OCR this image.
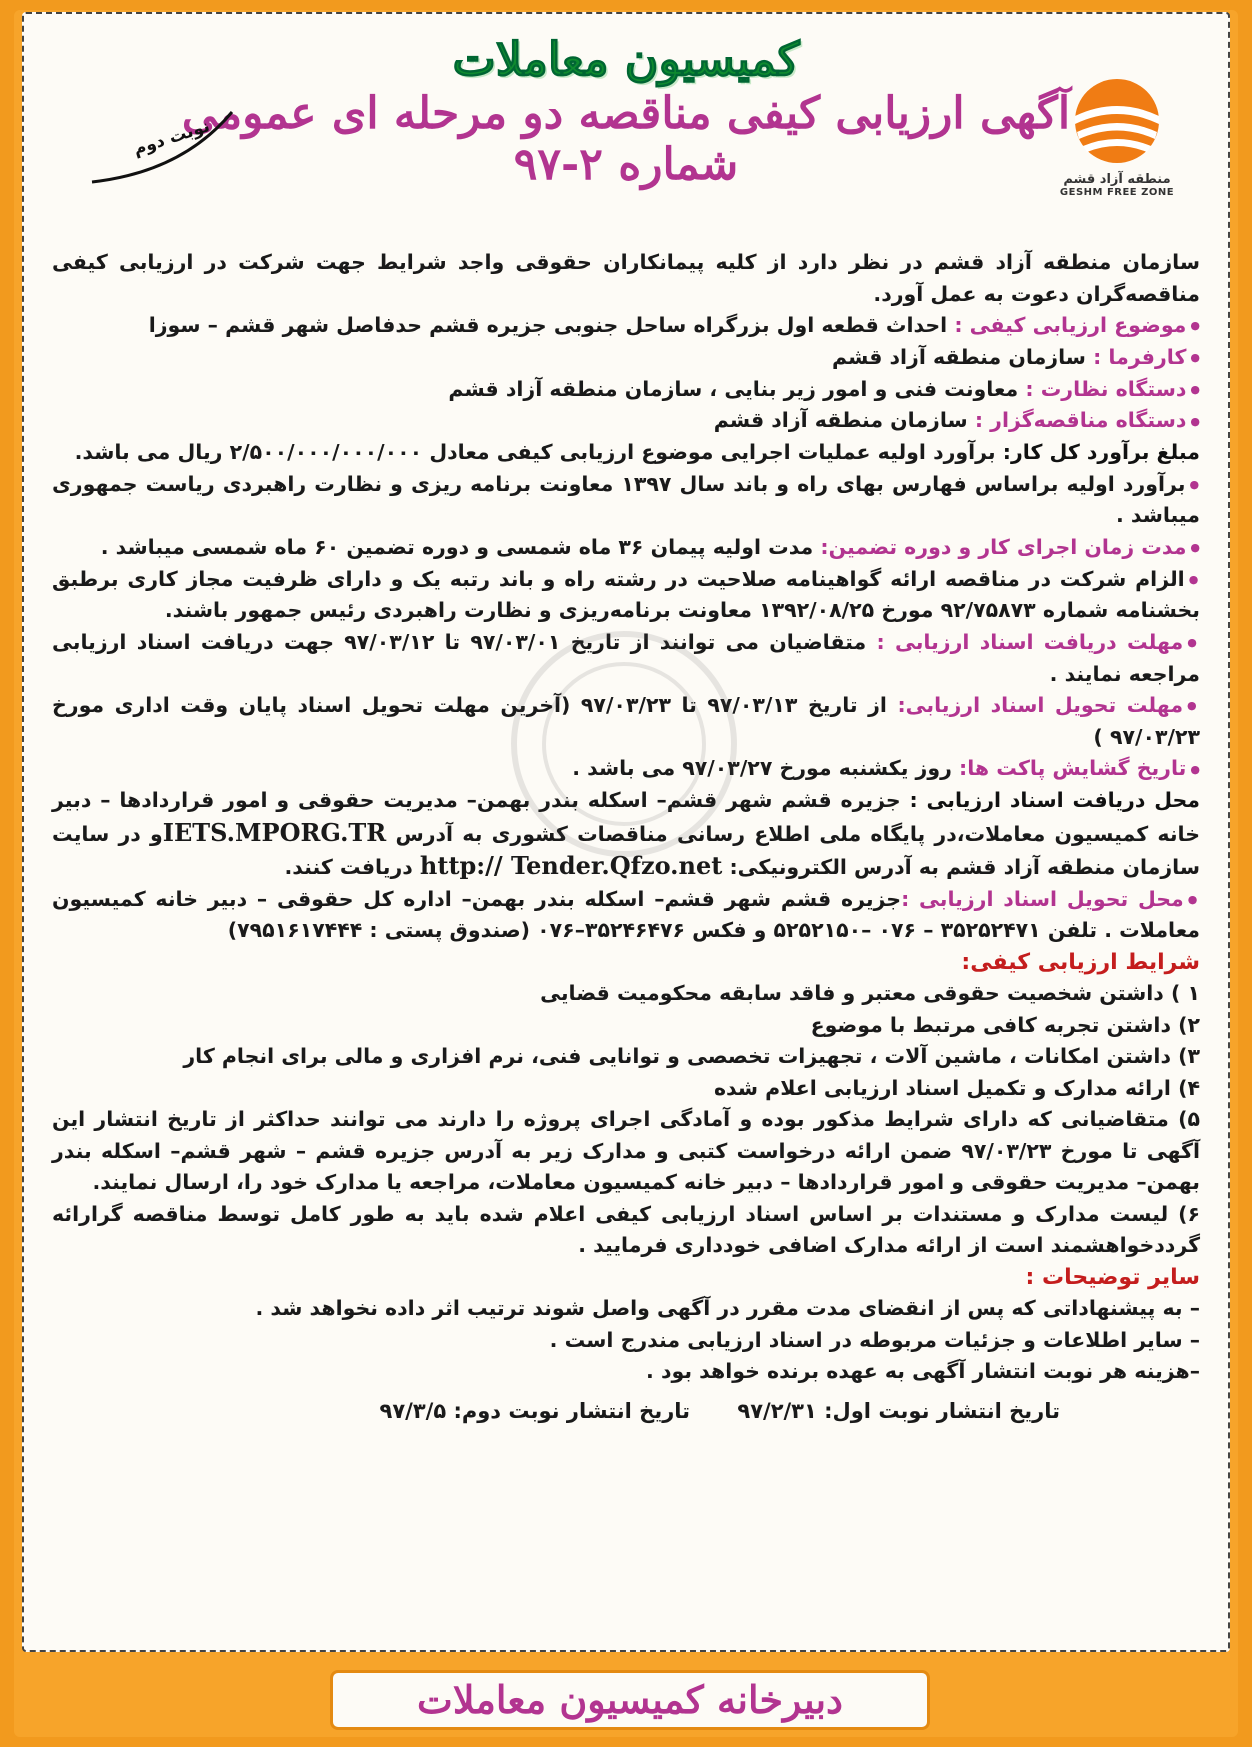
منطقه آزاد قشم
GESHM FREE ZONE
نوبت دوم
کمیسیون معاملات
آگهی ارزیابی کیفی مناقصه دو مرحله ای عمومی
شماره ۲-۹۷

سازمان منطقه آزاد قشم در نظر دارد از کلیه پیمانکاران حقوقی واجد شرایط جهت شرکت در ارزیابی کیفی مناقصه‌گران دعوت به عمل آورد.

● موضوع ارزیابی کیفی : احداث قطعه اول بزرگراه ساحل جنوبی جزیره قشم حدفاصل شهر قشم – سوزا

● کارفرما : سازمان منطقه آزاد قشم

● دستگاه نظارت : معاونت فنی و امور زیر بنایی ، سازمان منطقه آزاد قشم

● دستگاه مناقصه‌گزار : سازمان منطقه آزاد قشم

مبلغ برآورد کل کار: برآورد اولیه عملیات اجرایی موضوع ارزیابی کیفی معادل ۲/۵۰۰/۰۰۰/۰۰۰/۰۰۰ ریال می باشد.

● برآورد اولیه براساس فهارس بهای راه و باند سال ۱۳۹۷ معاونت برنامه ریزی و نظارت راهبردی ریاست جمهوری میباشد .

● مدت زمان اجرای کار و دوره تضمین: مدت اولیه پیمان ۳۶ ماه شمسی و دوره تضمین ۶۰ ماه شمسی میباشد .

● الزام شرکت در مناقصه ارائه گواهینامه صلاحیت در رشته راه و باند رتبه یک و دارای ظرفیت مجاز کاری برطبق بخشنامه شماره ۹۲/۷۵۸۷۳ مورخ ۱۳۹۲/۰۸/۲۵ معاونت برنامه‌ریزی و نظارت راهبردی رئیس جمهور باشند.

● مهلت دریافت اسناد ارزیابی : متقاضیان می توانند از تاریخ ۹۷/۰۳/۰۱ تا ۹۷/۰۳/۱۲ جهت دریافت اسناد ارزیابی مراجعه نمایند .

● مهلت تحویل اسناد ارزیابی: از تاریخ ۹۷/۰۳/۱۳ تا ۹۷/۰۳/۲۳ (آخرین مهلت تحویل اسناد پایان وقت اداری مورخ ۹۷/۰۳/۲۳ )

● تاریخ گشایش پاکت ها: روز یکشنبه مورخ ۹۷/۰۳/۲۷ می باشد .

محل دریافت اسناد ارزیابی : جزیره قشم شهر قشم– اسکله بندر بهمن– مدیریت حقوقی و امور قراردادها – دبیر خانه کمیسیون معاملات،در پایگاه ملی اطلاع رسانی مناقصات کشوری به آدرس IETS.MPORG.TRو در سایت سازمان منطقه آزاد قشم به آدرس الکترونیکی: http:// Tender.Qfzo.net دریافت کنند.

● محل تحویل اسناد ارزیابی :جزیره قشم شهر قشم– اسکله بندر بهمن– اداره کل حقوقی – دبیر خانه کمیسیون معاملات . تلفن ۳۵۲۵۲۴۷۱ – ۰۷۶ –۵۲۵۲۱۵۰ و فکس ۳۵۲۴۶۴۷۶–۰۷۶ (صندوق پستی : ۷۹۵۱۶۱۷۴۴۴)

شرایط ارزیابی کیفی:

۱ ) داشتن شخصیت حقوقی معتبر و فاقد سابقه محکومیت قضایی

۲) داشتن تجربه کافی مرتبط با موضوع

۳) داشتن امکانات ، ماشین آلات ، تجهیزات تخصصی و توانایی فنی، نرم افزاری و مالی برای انجام کار

۴) ارائه مدارک و تکمیل اسناد ارزیابی اعلام شده

۵) متقاضیانی که دارای شرایط مذکور بوده و آمادگی اجرای پروژه را دارند می توانند حداکثر از تاریخ انتشار این آگهی تا مورخ ۹۷/۰۳/۲۳ ضمن ارائه درخواست کتبی و مدارک زیر به آدرس جزیره قشم – شهر قشم– اسکله بندر بهمن– مدیریت حقوقی و امور قراردادها – دبیر خانه کمیسیون معاملات، مراجعه یا مدارک خود را، ارسال نمایند.

۶) لیست مدارک و مستندات بر اساس اسناد ارزیابی کیفی اعلام شده باید به طور کامل توسط مناقصه گرارائه گرددخواهشمند است از ارائه مدارک اضافی خودداری فرمایید .

سایر توضیحات :

– به پیشنهاداتی که پس از انقضای مدت مقرر در آگهی واصل شوند ترتیب اثر داده نخواهد شد .

– سایر اطلاعات و جزئیات مربوطه در اسناد ارزیابی مندرج است .

–هزینه هر نوبت انتشار آگهی به عهده برنده خواهد بود .

تاریخ انتشار نوبت اول: ۹۷/۲/۳۱ تاریخ انتشار نوبت دوم: ۹۷/۳/۵
دبیرخانه کمیسیون معاملات
